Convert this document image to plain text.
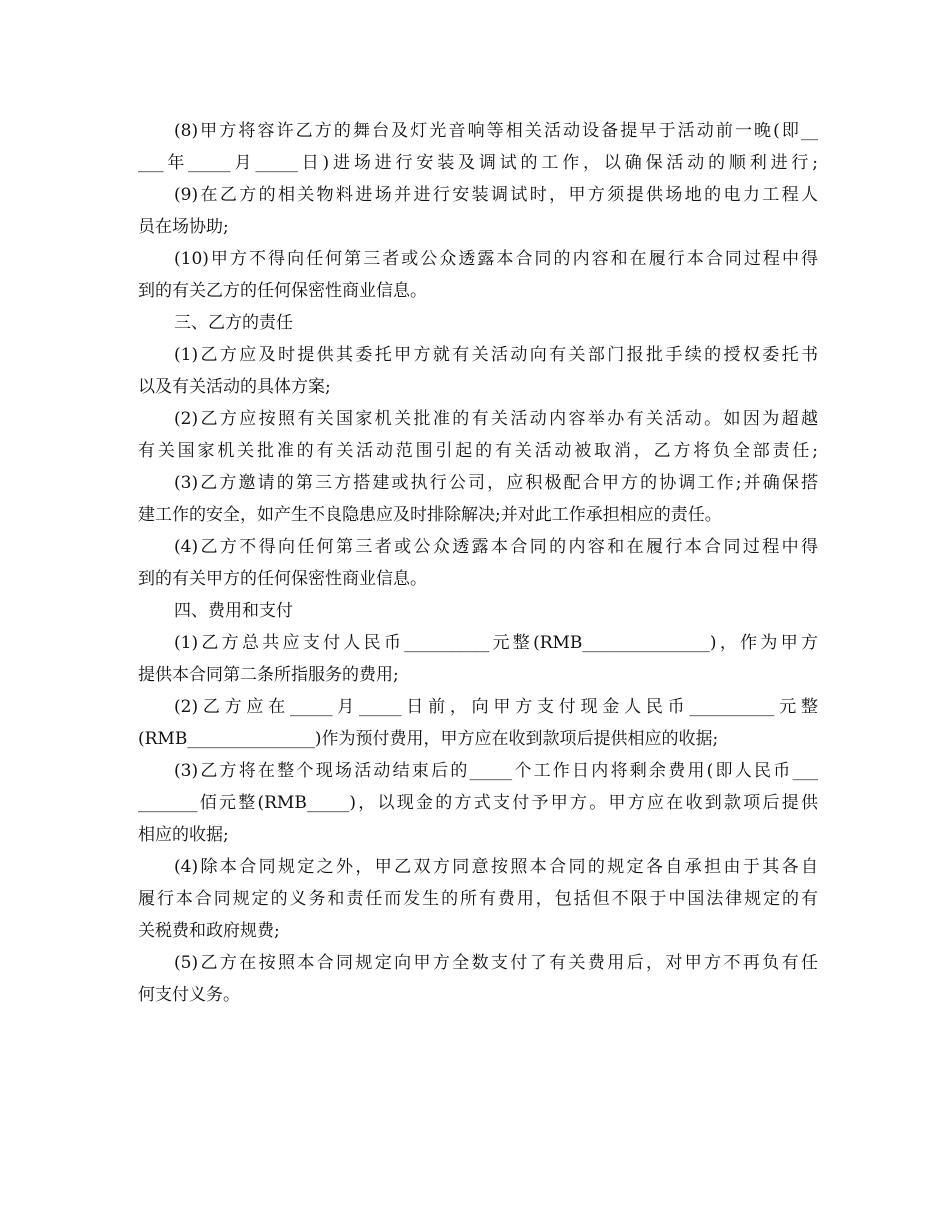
(8)甲方将容许乙方的舞台及灯光音响等相关活动设备提早于活动前一晚(即__
___年_____月_____日)进场进行安装及调试的工作，以确保活动的顺利进行;
(9)在乙方的相关物料进场并进行安装调试时，甲方须提供场地的电力工程人
员在场协助;
(10)甲方不得向任何第三者或公众透露本合同的内容和在履行本合同过程中得
到的有关乙方的任何保密性商业信息。
三、乙方的责任
(1)乙方应及时提供其委托甲方就有关活动向有关部门报批手续的授权委托书
以及有关活动的具体方案;
(2)乙方应按照有关国家机关批准的有关活动内容举办有关活动。如因为超越
有关国家机关批准的有关活动范围引起的有关活动被取消，乙方将负全部责任;
(3)乙方邀请的第三方搭建或执行公司，应积极配合甲方的协调工作;并确保搭
建工作的安全，如产生不良隐患应及时排除解决;并对此工作承担相应的责任。
(4)乙方不得向任何第三者或公众透露本合同的内容和在履行本合同过程中得
到的有关甲方的任何保密性商业信息。
四、费用和支付
(1)乙方总共应支付人民币__________元整(RMB_______________)，作为甲方
提供本合同第二条所指服务的费用;
(2)乙方应在_____月_____日前，向甲方支付现金人民币__________元整
(RMB_______________)作为预付费用，甲方应在收到款项后提供相应的收据;
(3)乙方将在整个现场活动结束后的_____个工作日内将剩余费用(即人民币___
_______佰元整(RMB_____)，以现金的方式支付予甲方。甲方应在收到款项后提供
相应的收据;
(4)除本合同规定之外，甲乙双方同意按照本合同的规定各自承担由于其各自
履行本合同规定的义务和责任而发生的所有费用，包括但不限于中国法律规定的有
关税费和政府规费;
(5)乙方在按照本合同规定向甲方全数支付了有关费用后，对甲方不再负有任
何支付义务。
